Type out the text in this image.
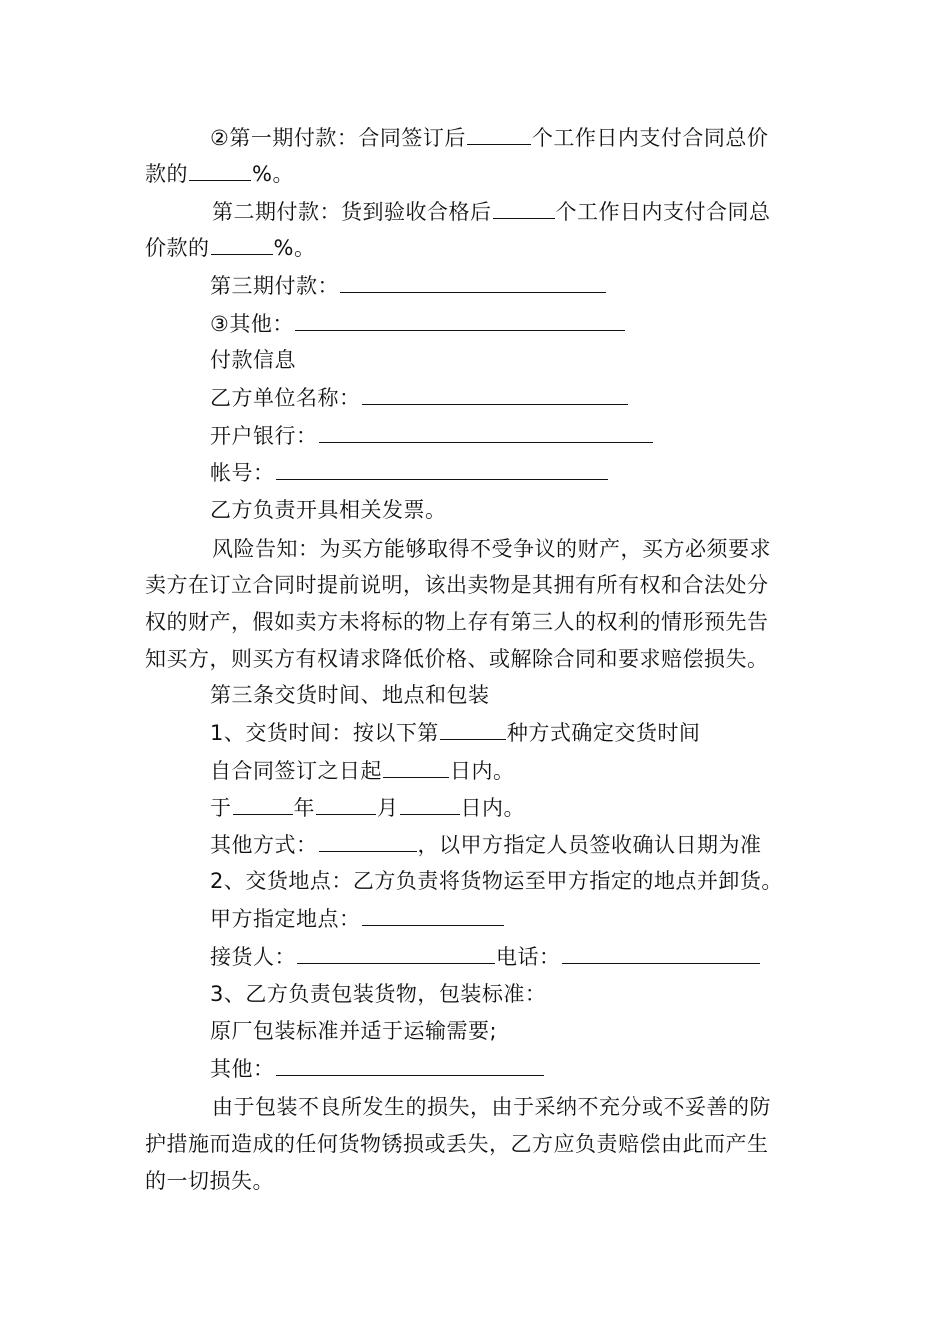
②第一期付款：合同签订后	个工作日内支付合同总价
款的	%。
第二期付款：货到验收合格后	个工作日内支付合同总
价款的	%。
第三期付款：
③其他：
付款信息
乙方单位名称：
开户银行：
帐号：
乙方负责开具相关发票。
风险告知：为买方能够取得不受争议的财产，买方必须要求
卖方在订立合同时提前说明，该出卖物是其拥有所有权和合法处分
权的财产，假如卖方未将标的物上存有第三人的权利的情形预先告
知买方，则买方有权请求降低价格、或解除合同和要求赔偿损失。
第三条交货时间、地点和包装
1、交货时间：按以下第	种方式确定交货时间
自合同签订之日起	日内。
于	年	月	日内。
其他方式：	，以甲方指定人员签收确认日期为准
2、交货地点：乙方负责将货物运至甲方指定的地点并卸货。
甲方指定地点：
接货人：	电话：
3、乙方负责包装货物，包装标准：
原厂包装标准并适于运输需要;
其他：
由于包装不良所发生的损失，由于采纳不充分或不妥善的防
护措施而造成的任何货物锈损或丢失，乙方应负责赔偿由此而产生
的一切损失。
